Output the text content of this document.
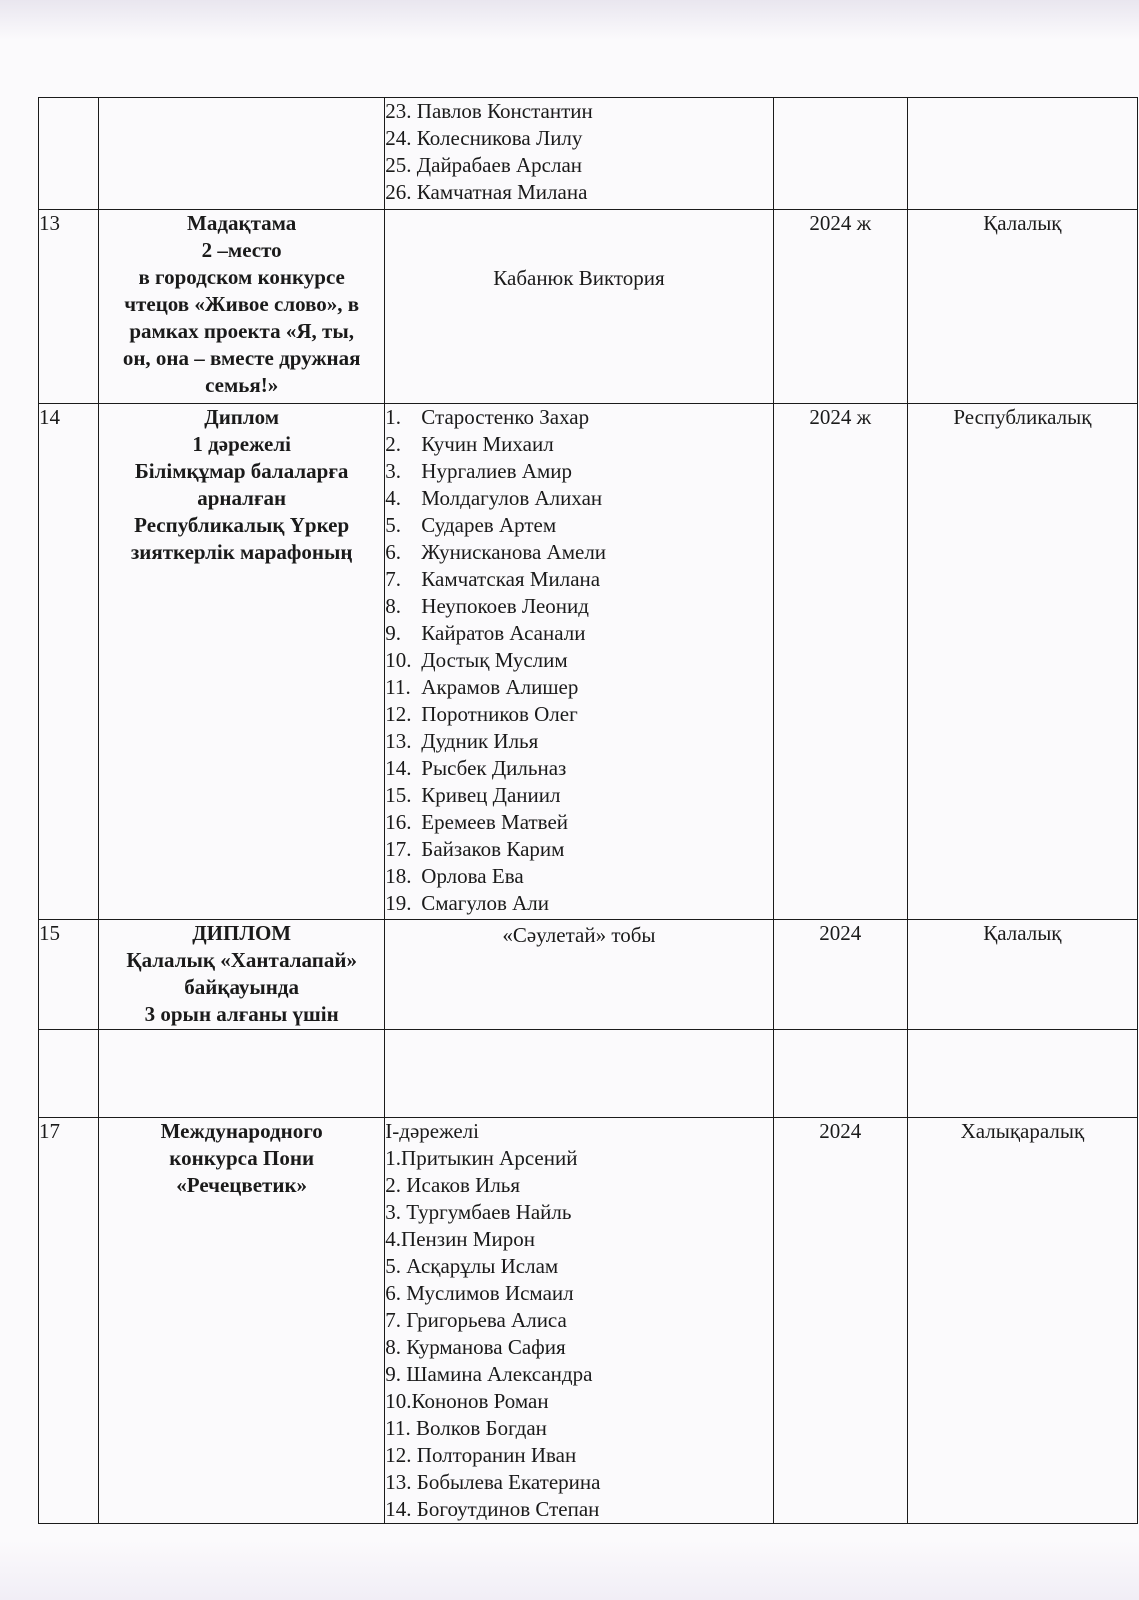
23. Павлов Константин
24. Колесникова Лилу
25. Дайрабаев Арслан
26. Камчатная Милана

13	Мадақтама
2 –место
в городском конкурсе
чтецов «Живое слово», в
рамках проекта «Я, ты,
он, она – вместе дружная
семья!»

Кабанюк Виктория
	2024 ж	Қалалық
14	Диплом
1 дәрежелі
Білімқұмар балаларға
арналған
Республикалық Үркер
зияткерлік марафоның

1. Старостенко Захар
2. Кучин Михаил
3. Нургалиев Амир
4. Молдагулов Алихан
5. Сударев Артем
6. Жунисканова Амели
7. Камчатская Милана
8. Неупокоев Леонид
9. Кайратов Асанали
10. Достық Муслим
11. Акрамов Алишер
12. Поротников Олег
13. Дудник Илья
14. Рысбек Дильназ
15. Кривец Даниил
16. Еремеев Матвей
17. Байзаков Карим
18. Орлова Ева
19. Смагулов Али
	2024 ж	Республикалық
15	ДИПЛОМ
Қалалық «Ханталапай»
байқауында
3 орын алғаны үшін

«Сәулетай» тобы	2024	Қалалық

17	Международного
конкурса Пони
«Речецветик»

І-дәрежелі
1.Притыкин Арсений
2. Исаков Илья
3. Тургумбаев Найль
4.Пензин Мирон
5. Асқарұлы Ислам
6. Муслимов Исмаил
7. Григорьева Алиса
8. Курманова Сафия
9. Шамина Александра
10.Кононов Роман
11. Волков Богдан
12. Полторанин Иван
13. Бобылева Екатерина
14. Богоутдинов Степан
	2024	Халықаралық
